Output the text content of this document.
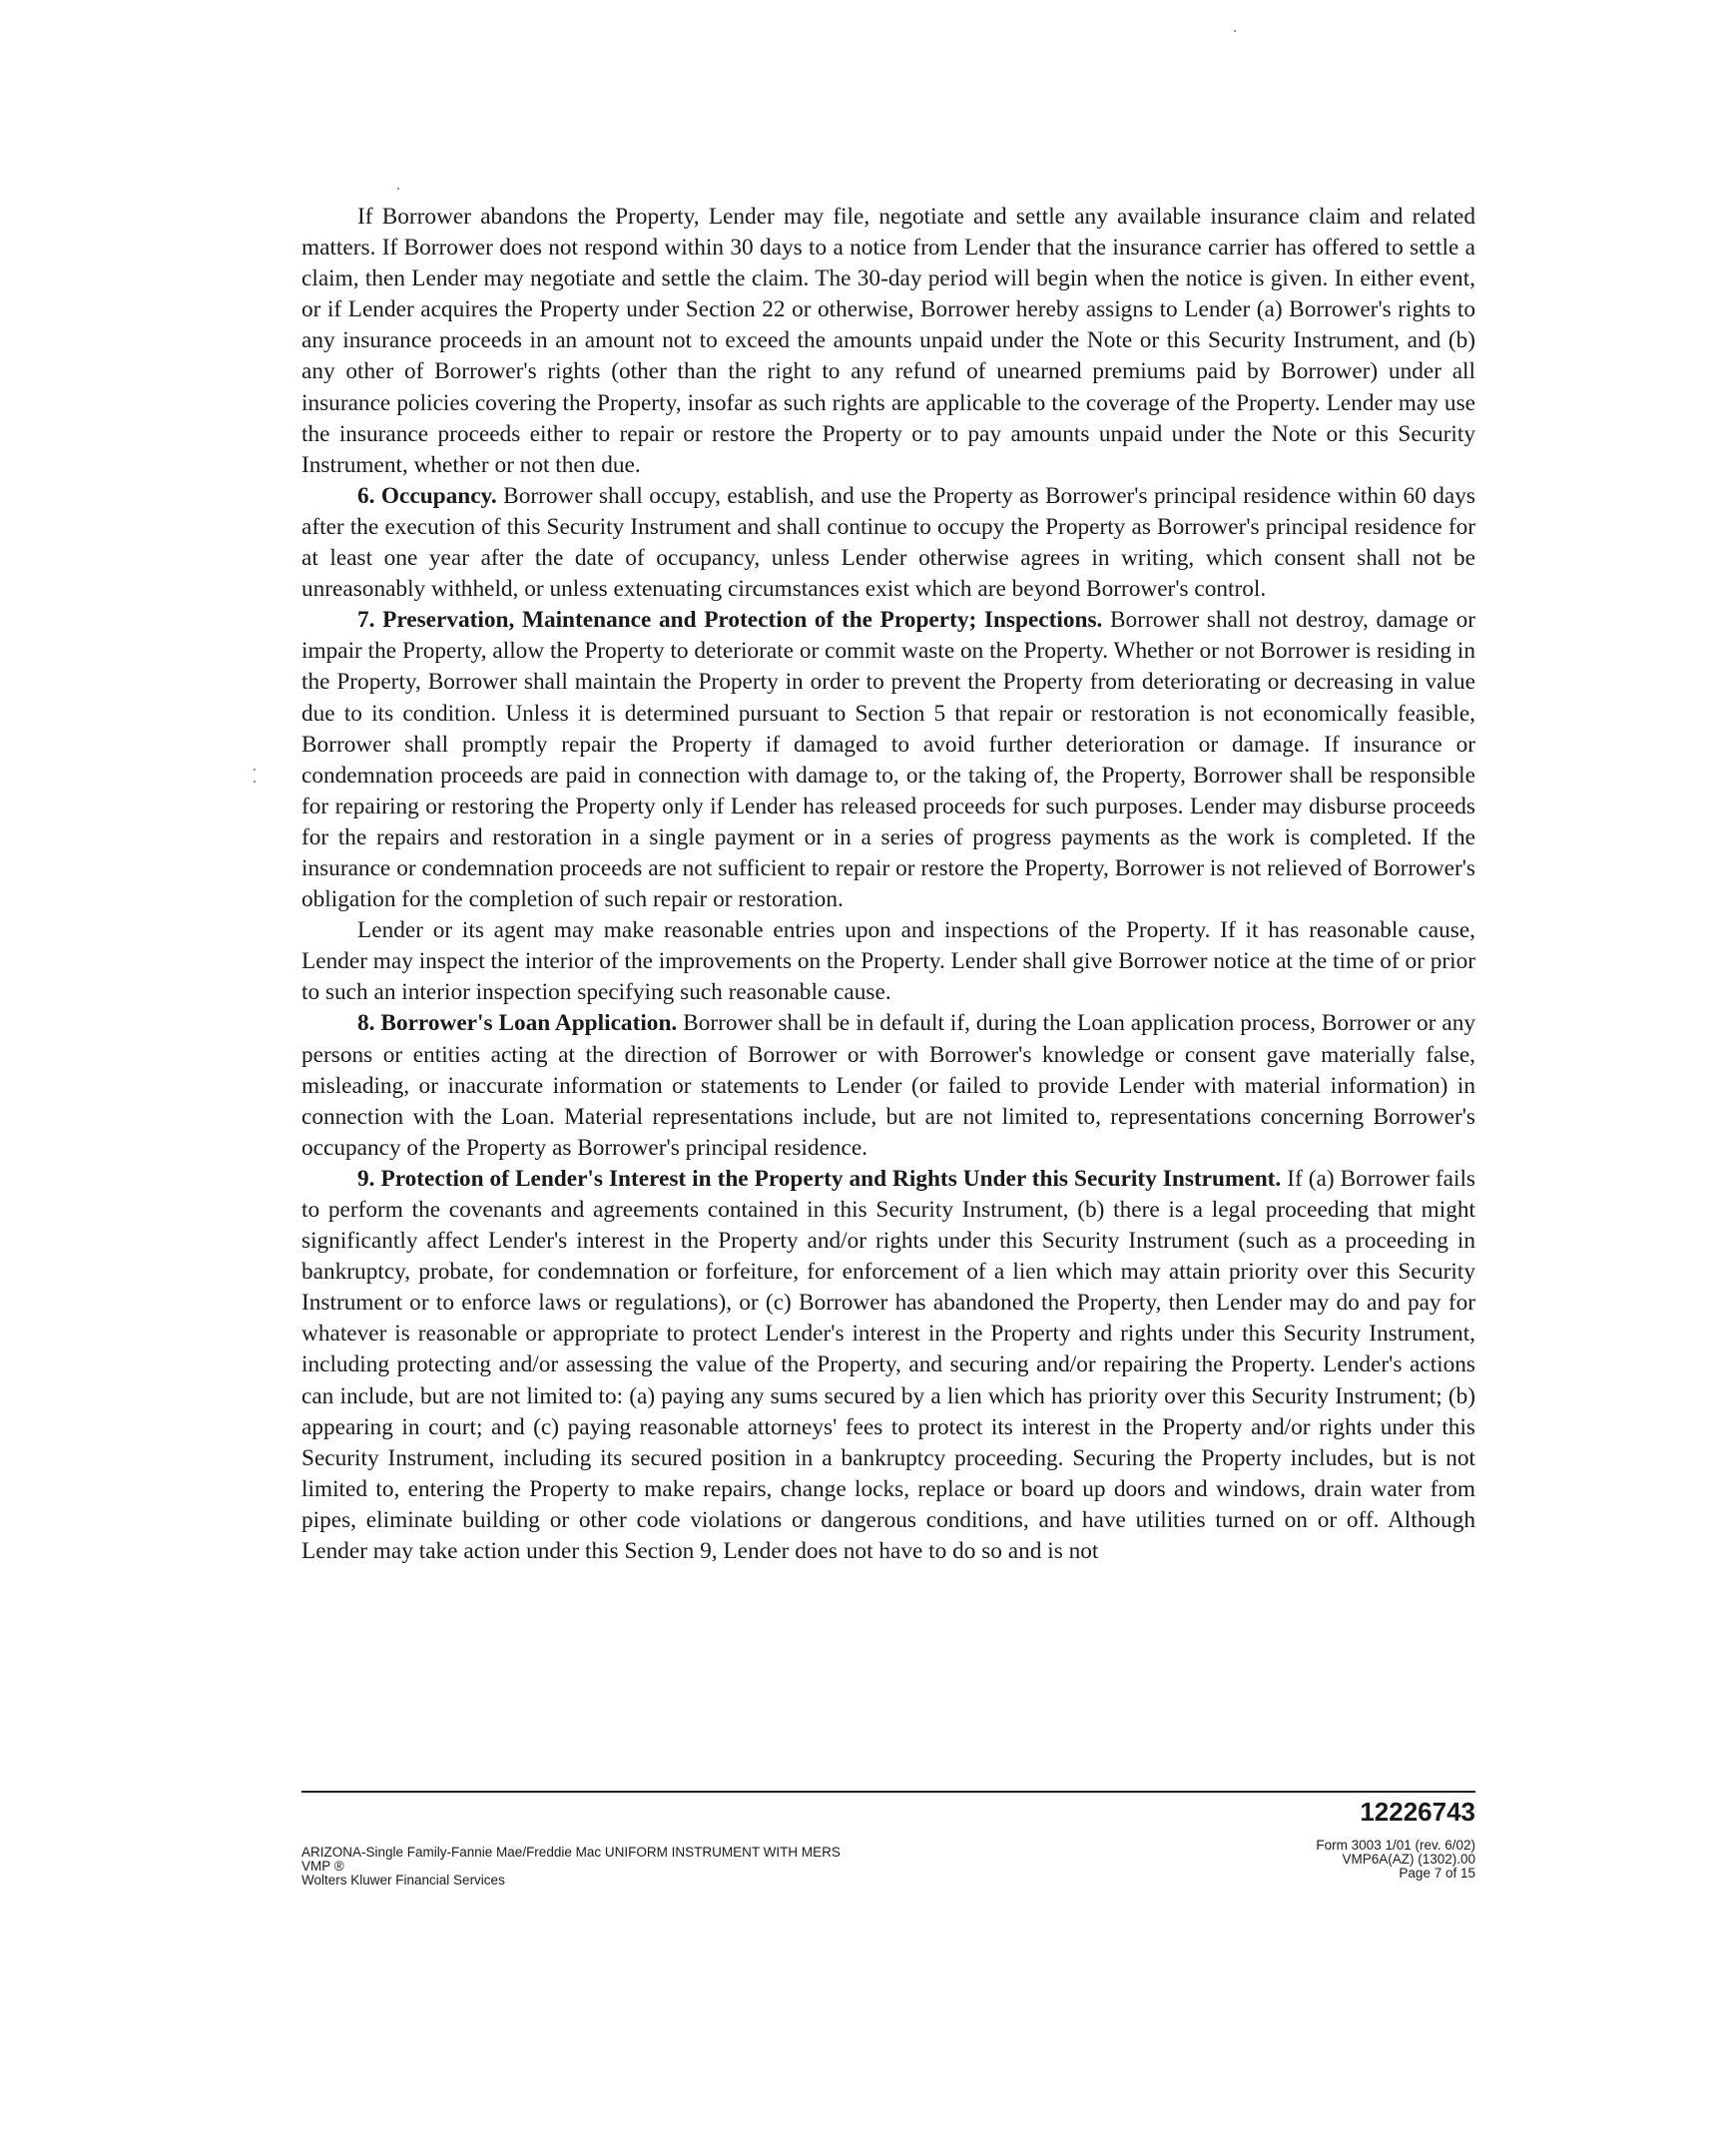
If Borrower abandons the Property, Lender may file, negotiate and settle any available insurance claim and related matters. If Borrower does not respond within 30 days to a notice from Lender that the insurance carrier has offered to settle a claim, then Lender may negotiate and settle the claim. The 30-day period will begin when the notice is given. In either event, or if Lender acquires the Property under Section 22 or otherwise, Borrower hereby assigns to Lender (a) Borrower's rights to any insurance proceeds in an amount not to exceed the amounts unpaid under the Note or this Security Instrument, and (b) any other of Borrower's rights (other than the right to any refund of unearned premiums paid by Borrower) under all insurance policies covering the Property, insofar as such rights are applicable to the coverage of the Property. Lender may use the insurance proceeds either to repair or restore the Property or to pay amounts unpaid under the Note or this Security Instrument, whether or not then due.

6. Occupancy. Borrower shall occupy, establish, and use the Property as Borrower's principal residence within 60 days after the execution of this Security Instrument and shall continue to occupy the Property as Borrower's principal residence for at least one year after the date of occupancy, unless Lender otherwise agrees in writing, which consent shall not be unreasonably withheld, or unless extenuating circumstances exist which are beyond Borrower's control.

7. Preservation, Maintenance and Protection of the Property; Inspections. Borrower shall not destroy, damage or impair the Property, allow the Property to deteriorate or commit waste on the Property. Whether or not Borrower is residing in the Property, Borrower shall maintain the Property in order to prevent the Property from deteriorating or decreasing in value due to its condition. Unless it is determined pursuant to Section 5 that repair or restoration is not economically feasible, Borrower shall promptly repair the Property if damaged to avoid further deterioration or damage. If insurance or condemnation proceeds are paid in connection with damage to, or the taking of, the Property, Borrower shall be responsible for repairing or restoring the Property only if Lender has released proceeds for such purposes. Lender may disburse proceeds for the repairs and restoration in a single payment or in a series of progress payments as the work is completed. If the insurance or condemnation proceeds are not sufficient to repair or restore the Property, Borrower is not relieved of Borrower's obligation for the completion of such repair or restoration.

Lender or its agent may make reasonable entries upon and inspections of the Property. If it has reasonable cause, Lender may inspect the interior of the improvements on the Property. Lender shall give Borrower notice at the time of or prior to such an interior inspection specifying such reasonable cause.

8. Borrower's Loan Application. Borrower shall be in default if, during the Loan application process, Borrower or any persons or entities acting at the direction of Borrower or with Borrower's knowledge or consent gave materially false, misleading, or inaccurate information or statements to Lender (or failed to provide Lender with material information) in connection with the Loan. Material representations include, but are not limited to, representations concerning Borrower's occupancy of the Property as Borrower's principal residence.

9. Protection of Lender's Interest in the Property and Rights Under this Security Instrument. If (a) Borrower fails to perform the covenants and agreements contained in this Security Instrument, (b) there is a legal proceeding that might significantly affect Lender's interest in the Property and/or rights under this Security Instrument (such as a proceeding in bankruptcy, probate, for condemnation or forfeiture, for enforcement of a lien which may attain priority over this Security Instrument or to enforce laws or regulations), or (c) Borrower has abandoned the Property, then Lender may do and pay for whatever is reasonable or appropriate to protect Lender's interest in the Property and rights under this Security Instrument, including protecting and/or assessing the value of the Property, and securing and/or repairing the Property. Lender's actions can include, but are not limited to: (a) paying any sums secured by a lien which has priority over this Security Instrument; (b) appearing in court; and (c) paying reasonable attorneys' fees to protect its interest in the Property and/or rights under this Security Instrument, including its secured position in a bankruptcy proceeding. Securing the Property includes, but is not limited to, entering the Property to make repairs, change locks, replace or board up doors and windows, drain water from pipes, eliminate building or other code violations or dangerous conditions, and have utilities turned on or off. Although Lender may take action under this Section 9, Lender does not have to do so and is not

12226743
ARIZONA-Single Family-Fannie Mae/Freddie Mac UNIFORM INSTRUMENT WITH MERS
VMP ®
Wolters Kluwer Financial Services
Form 3003 1/01 (rev. 6/02)
VMP6A(AZ) (1302).00
Page 7 of 15
